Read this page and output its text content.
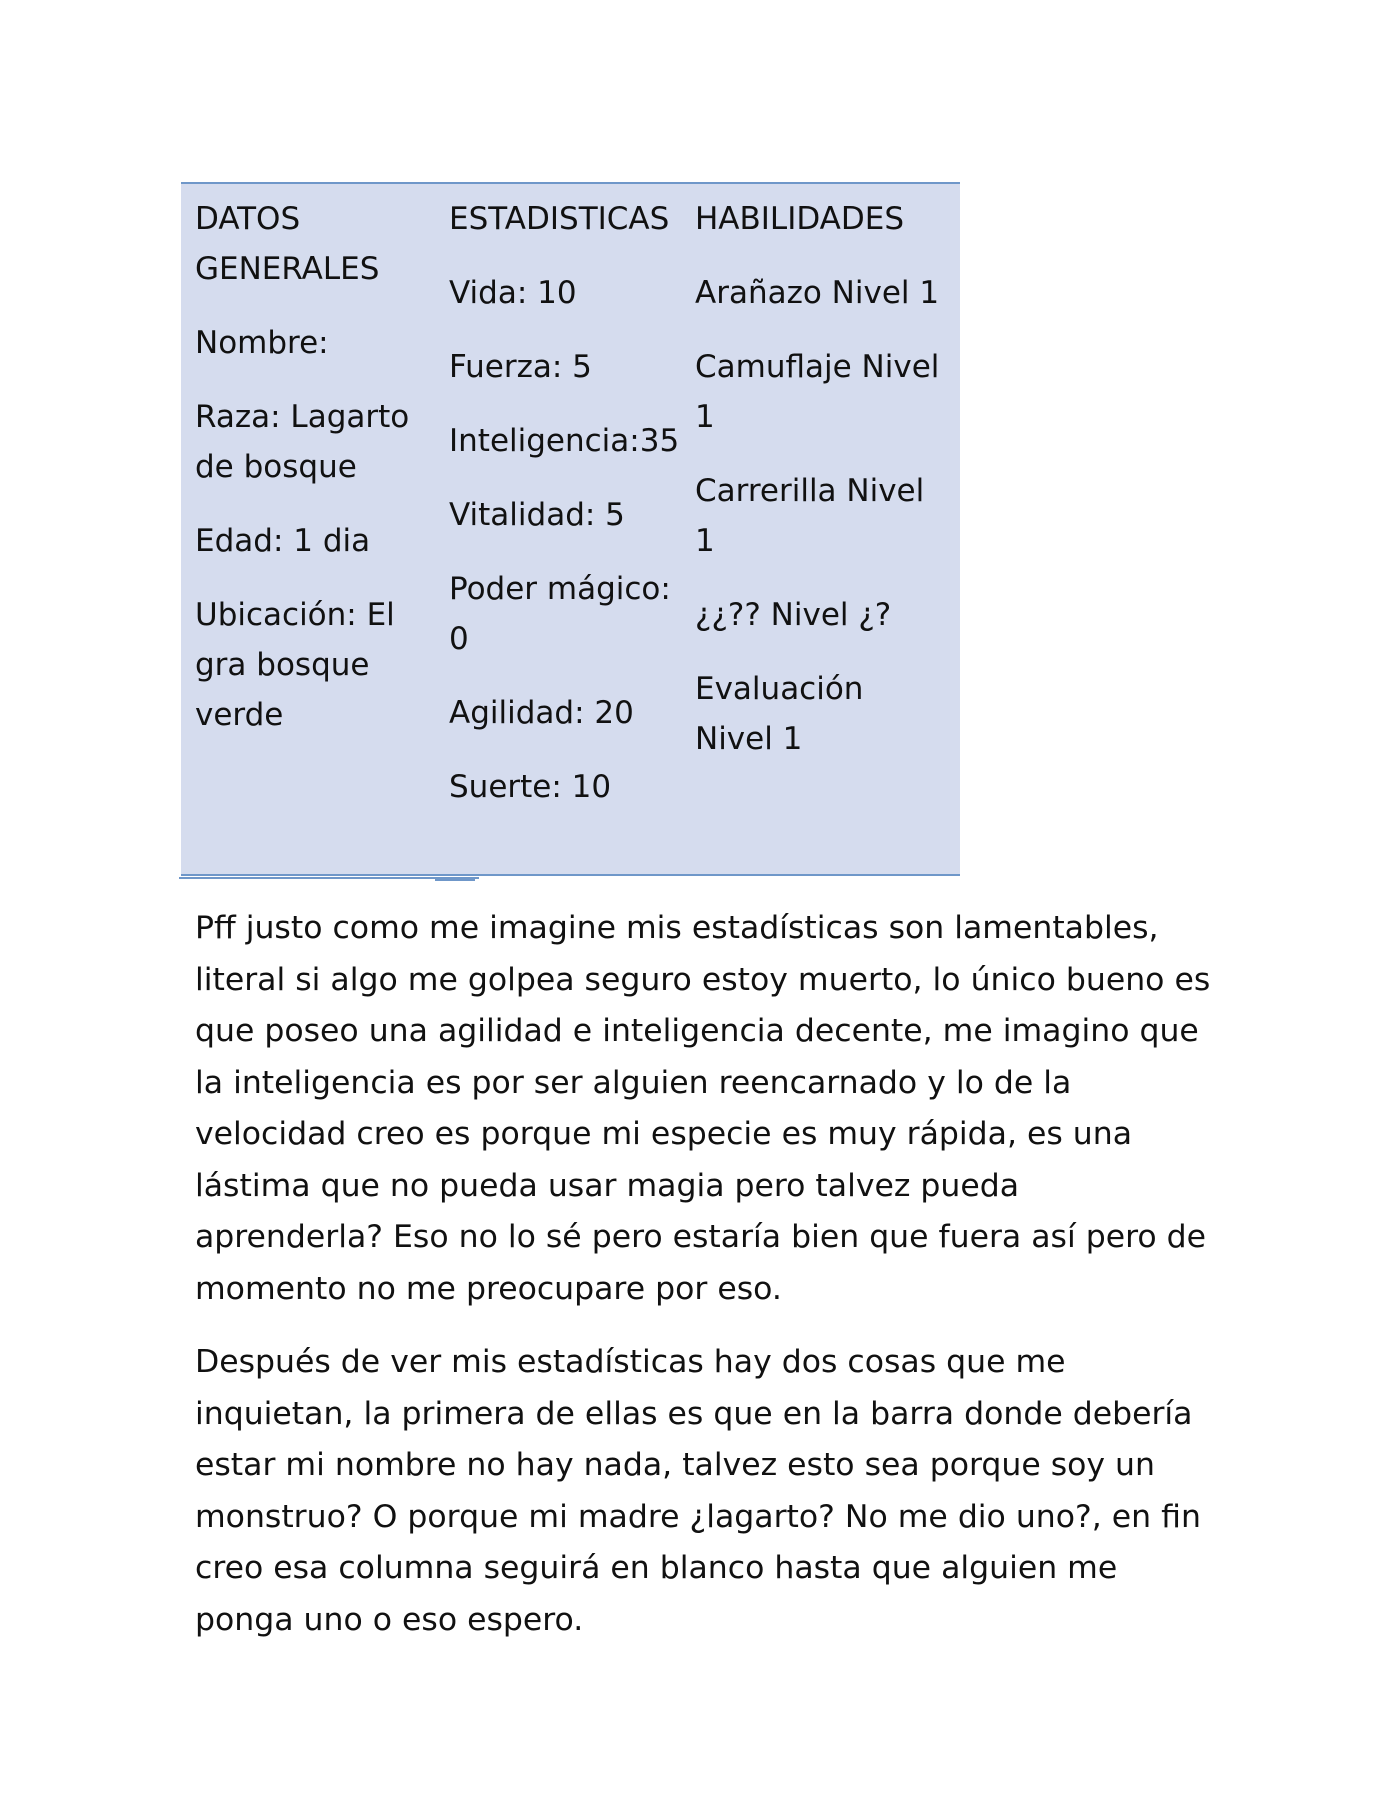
DATOS GENERALES
Nombre:
Raza: Lagarto de bosque
Edad: 1 dia
Ubicación: El gra bosque verde
ESTADISTICAS
Vida: 10
Fuerza: 5
Inteligencia:35
Vitalidad: 5
Poder mágico: 0
Agilidad: 20
Suerte: 10
HABILIDADES
Arañazo Nivel 1
Camuflaje Nivel 1
Carrerilla Nivel 1
¿¿?? Nivel ¿?
Evaluación Nivel 1

Pff justo como me imagine mis estadísticas son lamentables, literal si algo me golpea seguro estoy muerto, lo único bueno es que poseo una agilidad e inteligencia decente, me imagino que la inteligencia es por ser alguien reencarnado y lo de la velocidad creo es porque mi especie es muy rápida, es una lástima que no pueda usar magia pero talvez pueda aprenderla? Eso no lo sé pero estaría bien que fuera así pero de momento no me preocupare por eso.

Después de ver mis estadísticas hay dos cosas que me inquietan, la primera de ellas es que en la barra donde debería estar mi nombre no hay nada, talvez esto sea porque soy un monstruo? O porque mi madre ¿lagarto? No me dio uno?, en fin creo esa columna seguirá en blanco hasta que alguien me ponga uno o eso espero.
